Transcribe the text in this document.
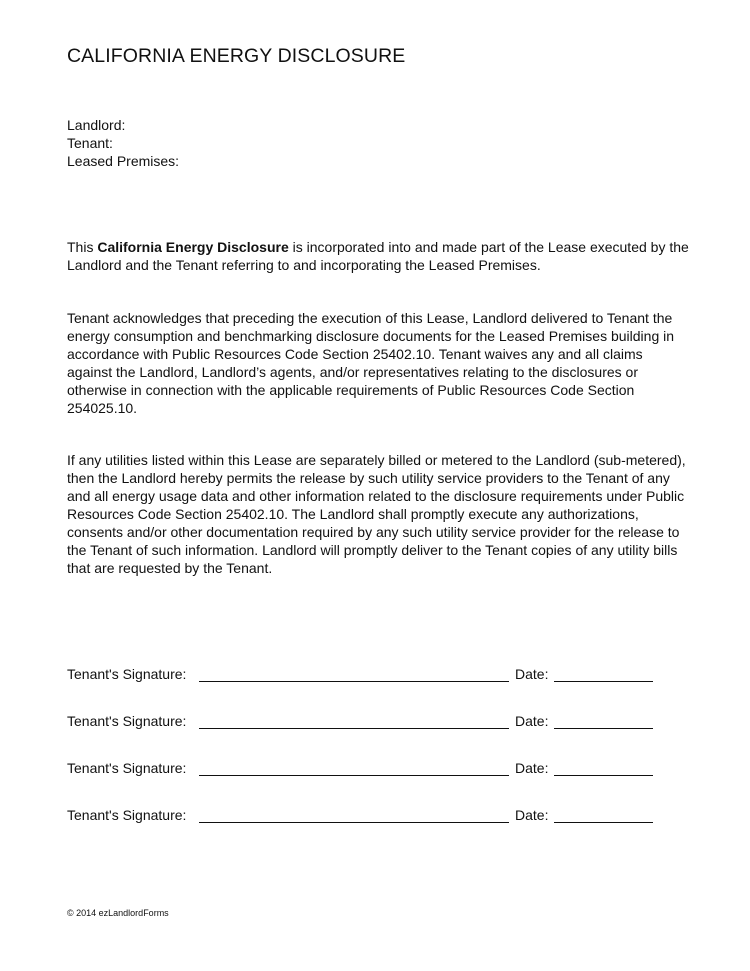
CALIFORNIA ENERGY DISCLOSURE
Landlord:
Tenant:
Leased Premises:
This California Energy Disclosure is incorporated into and made part of the Lease executed by the Landlord and the Tenant referring to and incorporating the Leased Premises.
Tenant acknowledges that preceding the execution of this Lease, Landlord delivered to Tenant the energy consumption and benchmarking disclosure documents for the Leased Premises building in accordance with Public Resources Code Section 25402.10. Tenant waives any and all claims against the Landlord, Landlord’s agents, and/or representatives relating to the disclosures or otherwise in connection with the applicable requirements of Public Resources Code Section 254025.10.
If any utilities listed within this Lease are separately billed or metered to the Landlord (sub-metered), then the Landlord hereby permits the release by such utility service providers to the Tenant of any and all energy usage data and other information related to the disclosure requirements under Public Resources Code Section 25402.10. The Landlord shall promptly execute any authorizations, consents and/or other documentation required by any such utility service provider for the release to the Tenant of such information. Landlord will promptly deliver to the Tenant copies of any utility bills that are requested by the Tenant.
Tenant's Signature:	Date:
Tenant's Signature:	Date:
Tenant's Signature:	Date:
Tenant's Signature:	Date:
© 2014 ezLandlordForms
